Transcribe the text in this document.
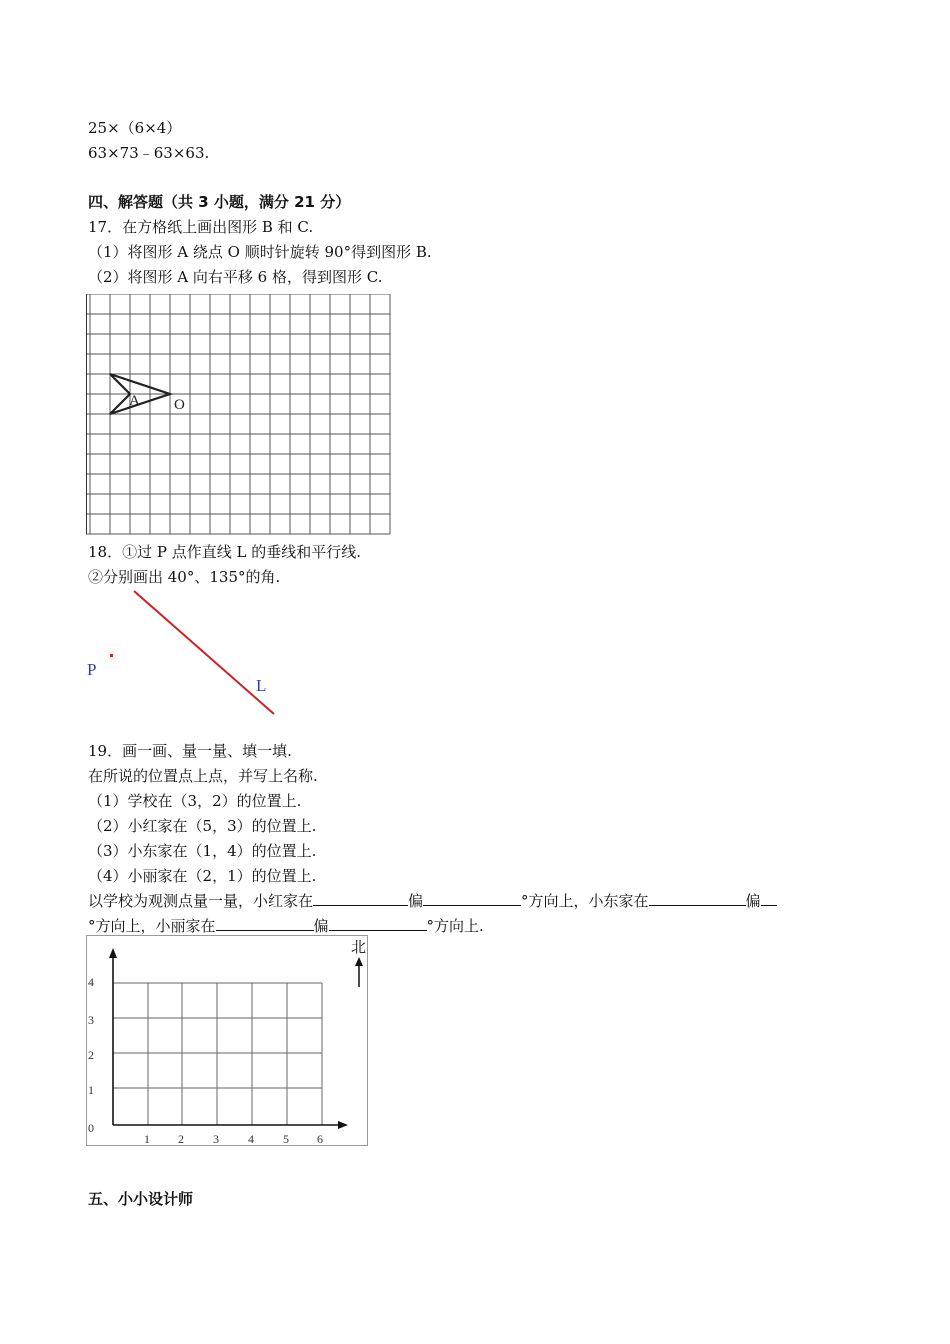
25×（6×4）
63×73﹣63×63.
四、解答题（共 3 小题，满分 21 分）
17．在方格纸上画出图形 B 和 C.
（1）将图形 A 绕点 O 顺时针旋转 90°得到图形 B.
（2）将图形 A 向右平移 6 格，得到图形 C.
A O
18．①过 P 点作直线 L 的垂线和平行线.
②分别画出 40°、135°的角.
P
L
19．画一画、量一量、填一填.
在所说的位置点上点，并写上名称.
（1）学校在（3，2）的位置上.
（2）小红家在（5，3）的位置上.
（3）小东家在（1，4）的位置上.
（4）小丽家在（2，1）的位置上.
以学校为观测点量一量，小红家在	偏	°方向上，小东家在	偏
°方向上，小丽家在	偏	°方向上.
0
1
2
3
4
1 2 3 4 5 6
北
五、小小设计师
